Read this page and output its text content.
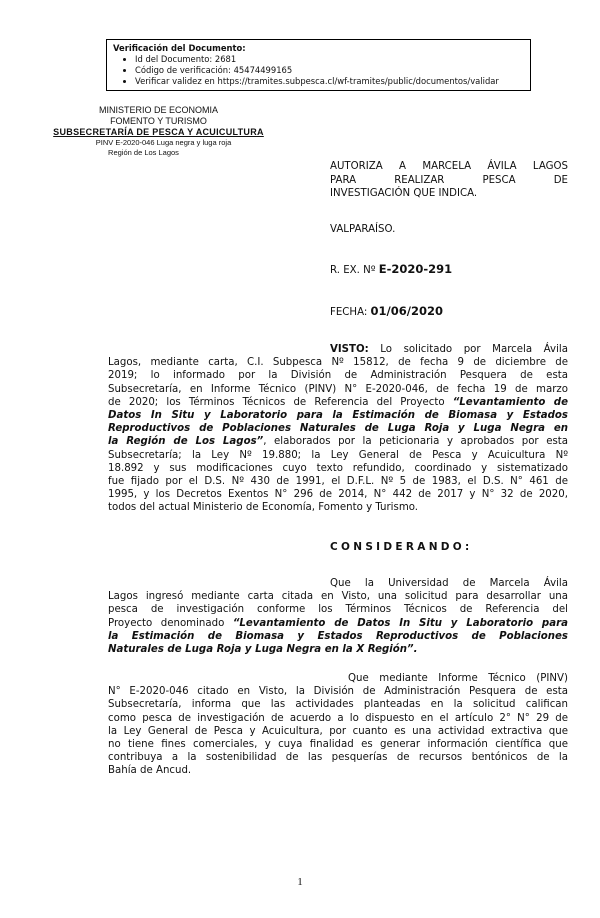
Verificación del Documento:
• Id del Documento: 2681
• Código de verificación: 45474499165
• Verificar validez en https://tramites.subpesca.cl/wf-tramites/public/documentos/validar
MINISTERIO DE ECONOMIA
FOMENTO Y TURISMO
SUBSECRETARÍA DE PESCA Y ACUICULTURA
PINV E-2020-046 Luga negra y luga roja
Región de Los Lagos
AUTORIZA A MARCELA ÁVILA LAGOS
PARA REALIZAR PESCA DE
INVESTIGACIÓN QUE INDICA.
VALPARAÍSO.
R. EX. Nº E-2020-291
FECHA: 01/06/2020
VISTO: Lo solicitado por Marcela Ávila
Lagos, mediante carta, C.I. Subpesca Nº 15812, de fecha 9 de diciembre de
2019; lo informado por la División de Administración Pesquera de esta
Subsecretaría, en Informe Técnico (PINV) N° E-2020-046, de fecha 19 de marzo
de 2020; los Términos Técnicos de Referencia del Proyecto “Levantamiento de
Datos In Situ y Laboratorio para la Estimación de Biomasa y Estados
Reproductivos de Poblaciones Naturales de Luga Roja y Luga Negra en
la Región de Los Lagos”, elaborados por la peticionaria y aprobados por esta
Subsecretaría; la Ley Nº 19.880; la Ley General de Pesca y Acuicultura Nº
18.892 y sus modificaciones cuyo texto refundido, coordinado y sistematizado
fue fijado por el D.S. Nº 430 de 1991, el D.F.L. Nº 5 de 1983, el D.S. N° 461 de
1995, y los Decretos Exentos N° 296 de 2014, N° 442 de 2017 y N° 32 de 2020,
todos del actual Ministerio de Economía, Fomento y Turismo.
CONSIDERANDO:
Que la Universidad de Marcela Ávila
Lagos ingresó mediante carta citada en Visto, una solicitud para desarrollar una
pesca de investigación conforme los Términos Técnicos de Referencia del
Proyecto denominado “Levantamiento de Datos In Situ y Laboratorio para
la Estimación de Biomasa y Estados Reproductivos de Poblaciones
Naturales de Luga Roja y Luga Negra en la X Región”.
Que mediante Informe Técnico (PINV)
N° E-2020-046 citado en Visto, la División de Administración Pesquera de esta
Subsecretaría, informa que las actividades planteadas en la solicitud califican
como pesca de investigación de acuerdo a lo dispuesto en el artículo 2° N° 29 de
la Ley General de Pesca y Acuicultura, por cuanto es una actividad extractiva que
no tiene fines comerciales, y cuya finalidad es generar información científica que
contribuya a la sostenibilidad de las pesquerías de recursos bentónicos de la
Bahía de Ancud.
1
